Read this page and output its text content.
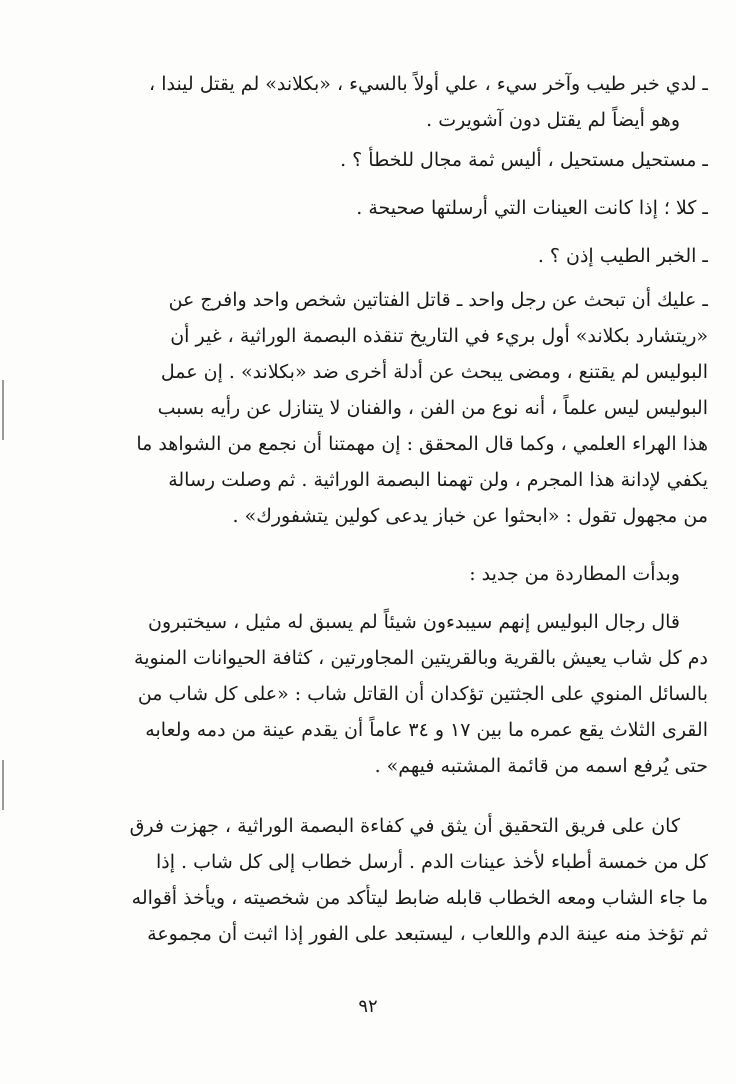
ـ لدي خبر طيب وآخر سيء ، علي أولاً بالسيء ، «بكلاند» لم يقتل ليندا ،
وهو أيضاً لم يقتل دون آشويرت .
ـ مستحيل مستحيل ، أليس ثمة مجال للخطأ ؟ .
ـ كلا ؛ إذا كانت العينات التي أرسلتها صحيحة .
ـ الخبر الطيب إذن ؟ .
ـ عليك أن تبحث عن رجل واحد ـ قاتل الفتاتين شخص واحد وافرج عن
«ريتشارد بكلاند» أول بريء في التاريخ تنقذه البصمة الوراثية ، غير أن
البوليس لم يقتنع ، ومضى يبحث عن أدلة أخرى ضد «بكلاند» . إن عمل
البوليس ليس علماً ، أنه نوع من الفن ، والفنان لا يتنازل عن رأيه بسبب
هذا الهراء العلمي ، وكما قال المحقق : إن مهمتنا أن نجمع من الشواهد ما
يكفي لإدانة هذا المجرم ، ولن تهمنا البصمة الوراثية . ثم وصلت رسالة
من مجهول تقول : «ابحثوا عن خباز يدعى كولين يتشفورك» .
وبدأت المطاردة من جديد :
قال رجال البوليس إنهم سيبدءون شيئاً لم يسبق له مثيل ، سيختبرون
دم كل شاب يعيش بالقرية وبالقريتين المجاورتين ، كثافة الحيوانات المنوية
بالسائل المنوي على الجثتين تؤكدان أن القاتل شاب : «على كل شاب من
القرى الثلاث يقع عمره ما بين ١٧ و ٣٤ عاماً أن يقدم عينة من دمه ولعابه
حتى يُرفع اسمه من قائمة المشتبه فيهم» .
كان على فريق التحقيق أن يثق في كفاءة البصمة الوراثية ، جهزت فرق
كل من خمسة أطباء لأخذ عينات الدم . أرسل خطاب إلى كل شاب . إذا
ما جاء الشاب ومعه الخطاب قابله ضابط ليتأكد من شخصيته ، ويأخذ أقواله
ثم تؤخذ منه عينة الدم واللعاب ، ليستبعد على الفور إذا اثبت أن مجموعة
٩٢
